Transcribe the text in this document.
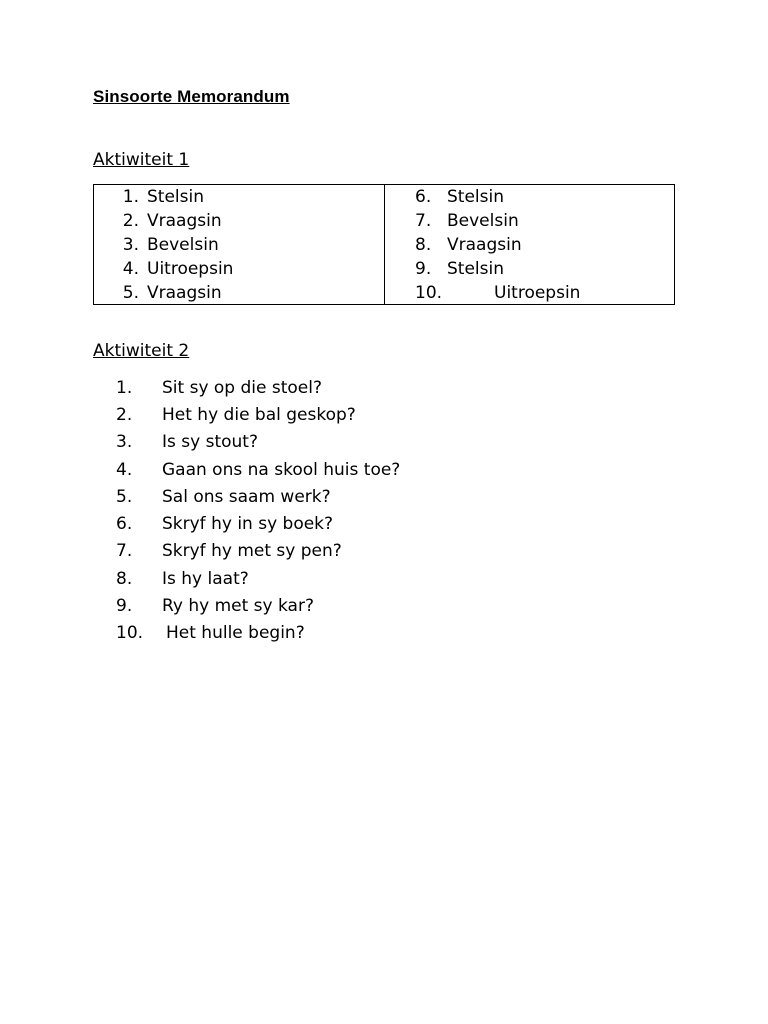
Sinsoorte Memorandum
Aktiwiteit 1
1. Stelsin
2. Vraagsin
3. Bevelsin
4. Uitroepsin
5. Vraagsin
6. Stelsin
7. Bevelsin
8. Vraagsin
9. Stelsin
10.	Uitroepsin
Aktiwiteit 2
1. Sit sy op die stoel?
2. Het hy die bal geskop?
3. Is sy stout?
4. Gaan ons na skool huis toe?
5. Sal ons saam werk?
6. Skryf hy in sy boek?
7. Skryf hy met sy pen?
8. Is hy laat?
9. Ry hy met sy kar?
10. Het hulle begin?
